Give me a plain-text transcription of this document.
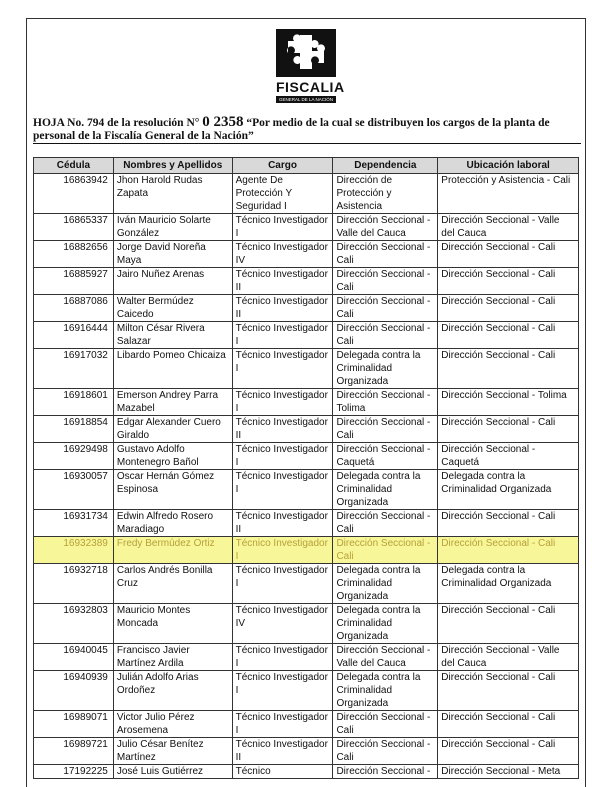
FISCALIA
GENERAL DE LA NACIÓN
HOJA No. 794 de la resolución N° 0 2358 “Por medio de la cual se distribuyen los cargos de la planta de
personal de la Fiscalía General de la Nación”
Cédula	Nombres y Apellidos	Cargo	Dependencia	Ubicación laboral
16863942	Jhon Harold Rudas Zapata	Agente De Protección Y Seguridad I	Dirección de Protección y Asistencia	Protección y Asistencia - Cali
16865337	Iván Mauricio Solarte González	Técnico Investigador I	Dirección Seccional - Valle del Cauca	Dirección Seccional - Valle del Cauca
16882656	Jorge David Noreña Maya	Técnico Investigador IV	Dirección Seccional - Cali	Dirección Seccional - Cali
16885927	Jairo Nuñez Arenas	Técnico Investigador II	Dirección Seccional - Cali	Dirección Seccional - Cali
16887086	Walter Bermúdez Caicedo	Técnico Investigador II	Dirección Seccional - Cali	Dirección Seccional - Cali
16916444	Milton César Rivera Salazar	Técnico Investigador I	Dirección Seccional - Cali	Dirección Seccional - Cali
16917032	Libardo Pomeo Chicaiza	Técnico Investigador I	Delegada contra la Criminalidad Organizada	Dirección Seccional - Cali
16918601	Emerson Andrey Parra Mazabel	Técnico Investigador I	Dirección Seccional - Tolima	Dirección Seccional - Tolima
16918854	Edgar Alexander Cuero Giraldo	Técnico Investigador II	Dirección Seccional - Cali	Dirección Seccional - Cali
16929498	Gustavo Adolfo Montenegro Bañol	Técnico Investigador I	Dirección Seccional - Caquetá	Dirección Seccional - Caquetá
16930057	Oscar Hernán Gómez Espinosa	Técnico Investigador I	Delegada contra la Criminalidad Organizada	Delegada contra la Criminalidad Organizada
16931734	Edwin Alfredo Rosero Maradiago	Técnico Investigador II	Dirección Seccional - Cali	Dirección Seccional - Cali
16932389	Fredy Bermúdez Ortiz	Técnico Investigador I	Dirección Seccional - Cali	Dirección Seccional - Cali
16932718	Carlos Andrés Bonilla Cruz	Técnico Investigador I	Delegada contra la Criminalidad Organizada	Delegada contra la Criminalidad Organizada
16932803	Mauricio Montes Moncada	Técnico Investigador IV	Delegada contra la Criminalidad Organizada	Dirección Seccional - Cali
16940045	Francisco Javier Martínez Ardila	Técnico Investigador I	Dirección Seccional - Valle del Cauca	Dirección Seccional - Valle del Cauca
16940939	Julián Adolfo Arias Ordoñez	Técnico Investigador I	Delegada contra la Criminalidad Organizada	Dirección Seccional - Cali
16989071	Victor Julio Pérez Arosemena	Técnico Investigador I	Dirección Seccional - Cali	Dirección Seccional - Cali
16989721	Julio César Benítez Martínez	Técnico Investigador II	Dirección Seccional - Cali	Dirección Seccional - Cali
17192225	José Luis Gutiérrez	Técnico	Dirección Seccional -	Dirección Seccional - Meta
